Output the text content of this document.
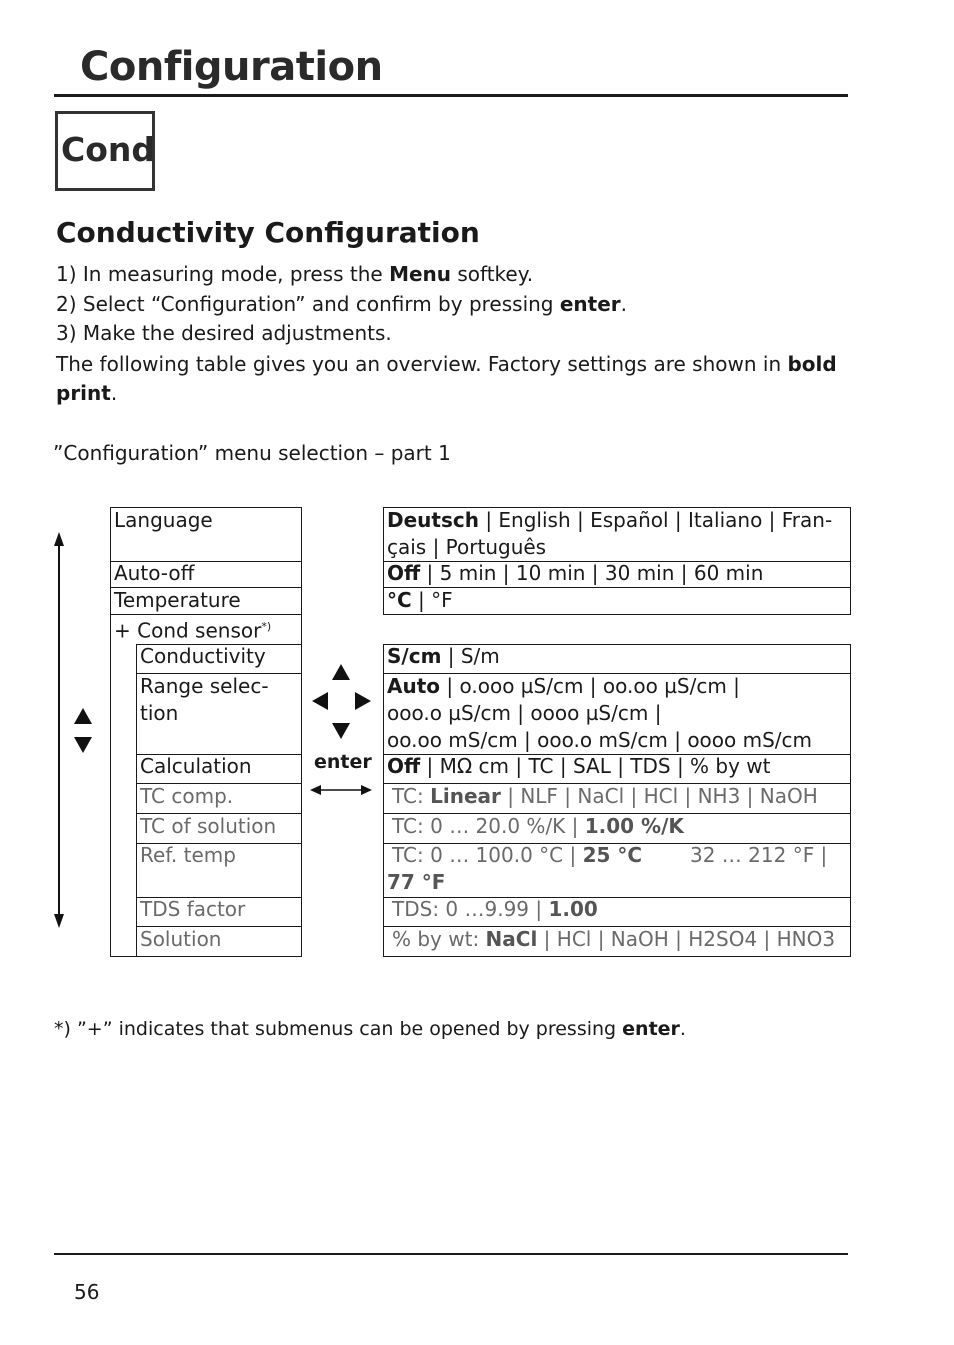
Configuration
Cond
Conductivity Configuration
1) In measuring mode, press the Menu softkey.
2) Select “Configuration” and confirm by pressing enter.
3) Make the desired adjustments.
The following table gives you an overview. Factory settings are shown in bold print.
”Configuration” menu selection – part 1
Language
Auto-off
Temperature
+ Cond sensor*)
Conductivity
Range selec-
tion
Calculation
TC comp.
TC of solution
Ref. temp
TDS factor
Solution
enter
Deutsch | English | Español | Italiano | Fran-
çais | Português
Off | 5 min | 10 min | 30 min | 60 min
°C | °F
S/cm | S/m
Auto | o.ooo µS/cm | oo.oo µS/cm |
ooo.o µS/cm | oooo µS/cm |
oo.oo mS/cm | ooo.o mS/cm | oooo mS/cm
Off | MΩ cm | TC | SAL | TDS | % by wt
TC: Linear | NLF | NaCl | HCl | NH3 | NaOH
TC: 0 … 20.0 %/K | 1.00 %/K
TC: 0 … 100.0 °C | 25 °C 32 … 212 °F |
77 °F
TDS: 0 …9.99 | 1.00
% by wt: NaCl | HCl | NaOH | H2SO4 | HNO3
*) ”+” indicates that submenus can be opened by pressing enter.
56
